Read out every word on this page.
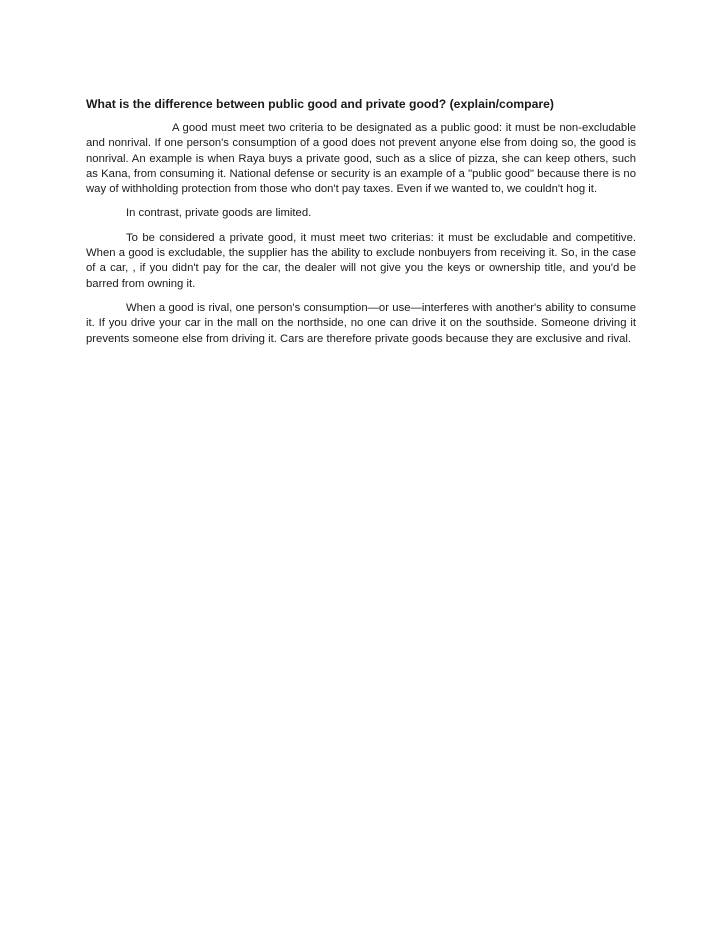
What is the difference between public good and private good? (explain/compare)

A good must meet two criteria to be designated as a public good: it must be non-excludable and nonrival. If one person's consumption of a good does not prevent anyone else from doing so, the good is nonrival. An example is when Raya buys a private good, such as a slice of pizza, she can keep others, such as Kana, from consuming it. National defense or security is an example of a "public good" because there is no way of withholding protection from those who don't pay taxes. Even if we wanted to, we couldn't hog it.

In contrast, private goods are limited.

To be considered a private good, it must meet two criterias: it must be excludable and competitive. When a good is excludable, the supplier has the ability to exclude nonbuyers from receiving it. So, in the case of a car, , if you didn't pay for the car, the dealer will not give you the keys or ownership title, and you'd be barred from owning it.

When a good is rival, one person's consumption—or use—interferes with another's ability to consume it. If you drive your car in the mall on the northside, no one can drive it on the southside. Someone driving it prevents someone else from driving it. Cars are therefore private goods because they are exclusive and rival.
